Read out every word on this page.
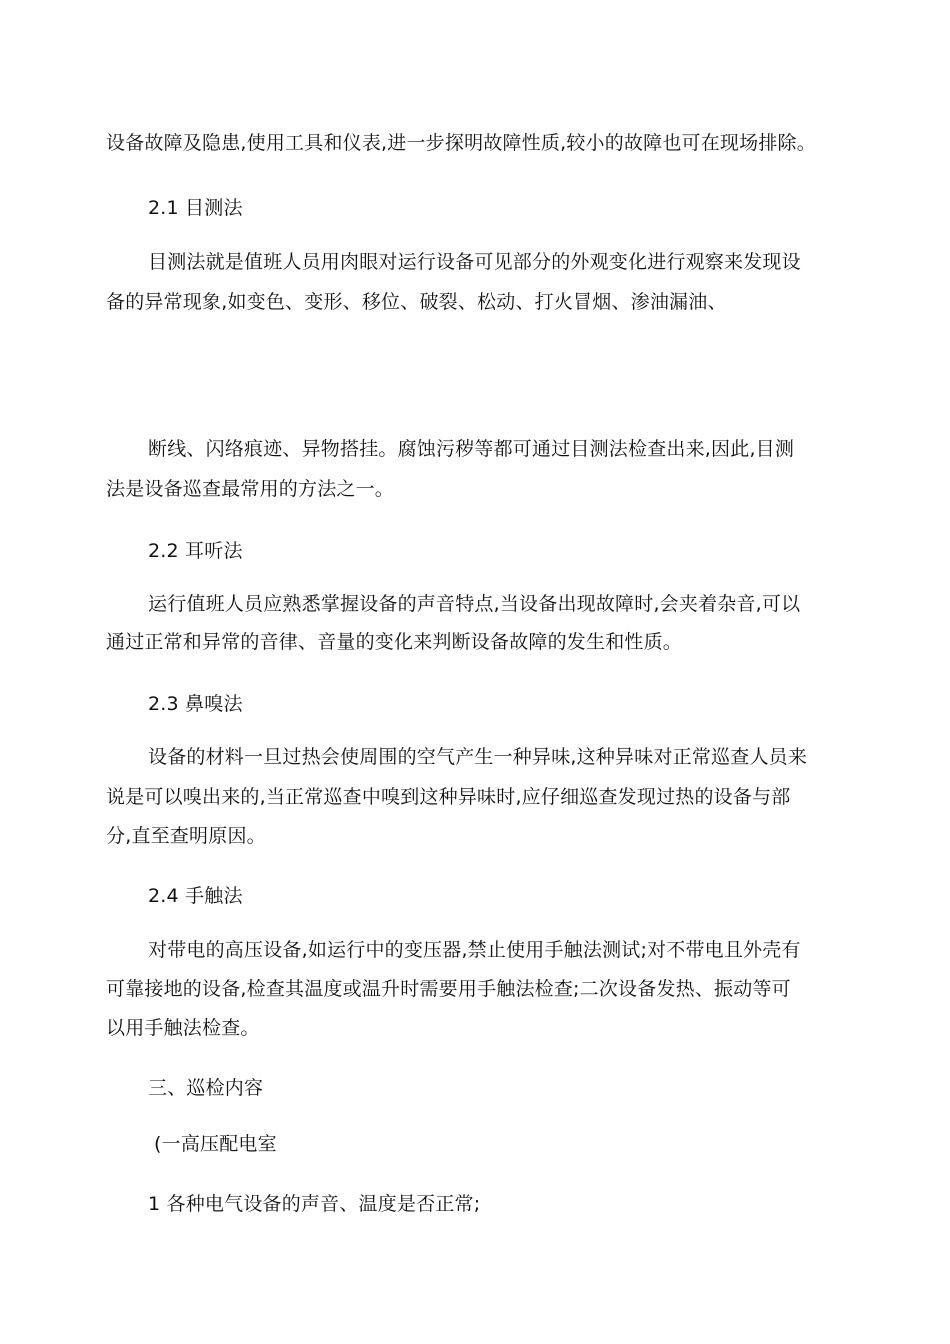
设备故障及隐患,使用工具和仪表,进一步探明故障性质,较小的故障也可在现场排除。
2.1 目测法
目测法就是值班人员用肉眼对运行设备可见部分的外观变化进行观察来发现设
备的异常现象,如变色、变形、移位、破裂、松动、打火冒烟、渗油漏油、
断线、闪络痕迹、异物搭挂。腐蚀污秽等都可通过目测法检查出来,因此,目测
法是设备巡查最常用的方法之一。
2.2 耳听法
运行值班人员应熟悉掌握设备的声音特点,当设备出现故障时,会夹着杂音,可以
通过正常和异常的音律、音量的变化来判断设备故障的发生和性质。
2.3 鼻嗅法
设备的材料一旦过热会使周围的空气产生一种异味,这种异味对正常巡查人员来
说是可以嗅出来的,当正常巡查中嗅到这种异味时,应仔细巡查发现过热的设备与部
分,直至查明原因。
2.4 手触法
对带电的高压设备,如运行中的变压器,禁止使用手触法测试;对不带电且外壳有
可靠接地的设备,检查其温度或温升时需要用手触法检查;二次设备发热、振动等可
以用手触法检查。
三、巡检内容
(一高压配电室
1 各种电气设备的声音、温度是否正常;
